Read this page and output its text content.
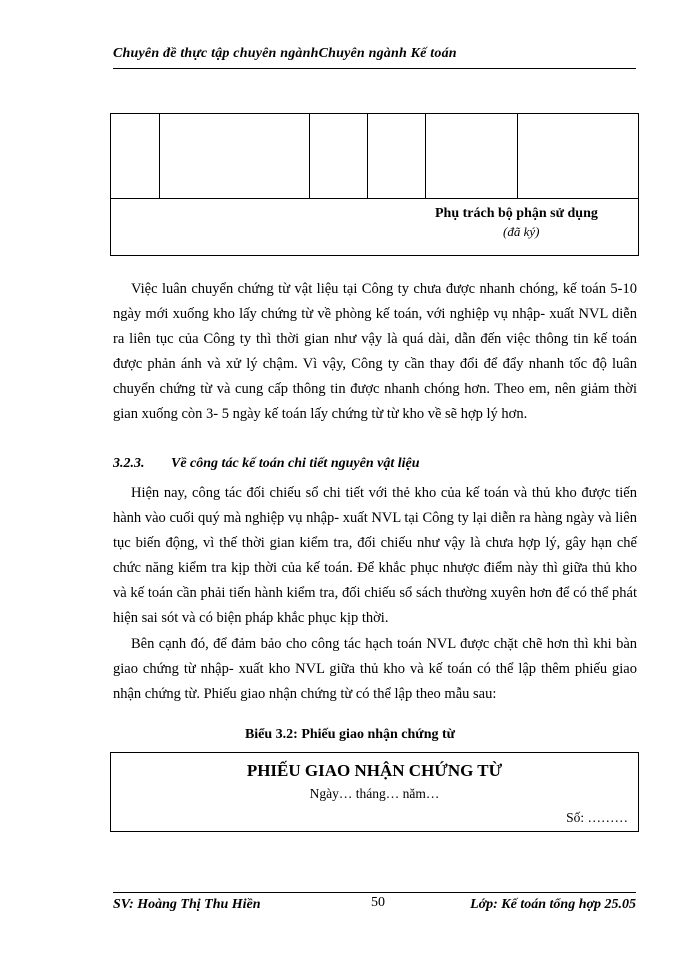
Chuyên đề thực tập chuyên ngànhChuyên ngành Kế toán
Phụ trách bộ phận sử dụng
(đã ký)

Việc luân chuyển chứng từ vật liệu tại Công ty chưa được nhanh chóng, kế toán 5-10 ngày mới xuống kho lấy chứng từ về phòng kế toán, với nghiệp vụ nhập- xuất NVL diễn ra liên tục của Công ty thì thời gian như vậy là quá dài, dẫn đến việc thông tin kế toán được phản ánh và xử lý chậm. Vì vậy, Công ty cần thay đổi để đẩy nhanh tốc độ luân chuyển chứng từ và cung cấp thông tin được nhanh chóng hơn. Theo em, nên giảm thời gian xuống còn 3- 5 ngày kế toán lấy chứng từ từ kho về sẽ hợp lý hơn.

3.2.3. Về công tác kế toán chi tiết nguyên vật liệu

Hiện nay, công tác đối chiếu sổ chi tiết với thẻ kho của kế toán và thủ kho được tiến hành vào cuối quý mà nghiệp vụ nhập- xuất NVL tại Công ty lại diễn ra hàng ngày và liên tục biến động, vì thế thời gian kiểm tra, đối chiếu như vậy là chưa hợp lý, gây hạn chế chức năng kiểm tra kịp thời của kế toán. Để khắc phục nhược điểm này thì giữa thủ kho và kế toán cần phải tiến hành kiểm tra, đối chiếu sổ sách thường xuyên hơn để có thể phát hiện sai sót và có biện pháp khắc phục kịp thời.

Bên cạnh đó, để đảm bảo cho công tác hạch toán NVL được chặt chẽ hơn thì khi bàn giao chứng từ nhập- xuất kho NVL giữa thủ kho và kế toán có thể lập thêm phiếu giao nhận chứng từ. Phiếu giao nhận chứng từ có thể lập theo mẫu sau:

Biểu 3.2: Phiếu giao nhận chứng từ
PHIẾU GIAO NHẬN CHỨNG TỪ
Ngày… tháng… năm…
Số: ………
SV: Hoàng Thị Thu Hiền	50	Lớp: Kế toán tổng hợp 25.05
